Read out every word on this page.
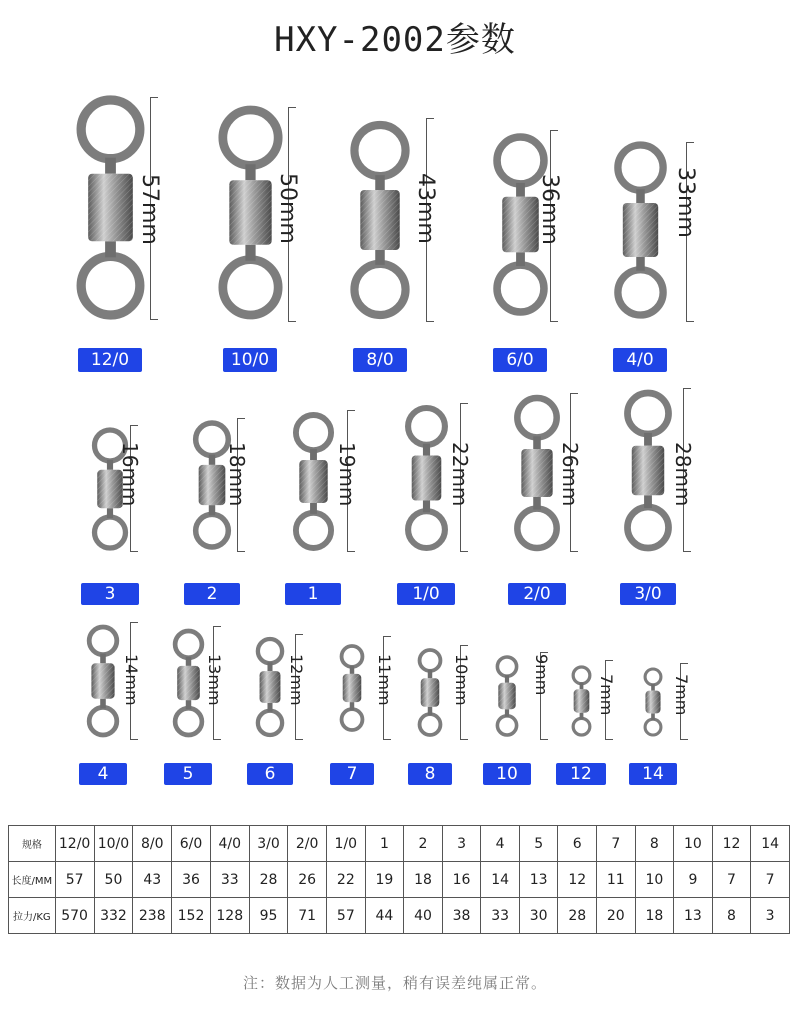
HXY-2002参数
57mm
12/0
50mm
10/0
43mm
8/0
36mm
6/0
33mm
4/0
16mm
3
18mm
2
19mm
1
22mm
1/0
26mm
2/0
28mm
3/0
14mm
4
13mm
5
12mm
6
11mm
7
10mm
8
9mm
10
7mm
12
7mm
14
规格	12/0	10/0	8/0	6/0	4/0	3/0	2/0	1/0	1	2	3	4	5	6	7	8	10	12	14
长度/MM	57	50	43	36	33	28	26	22	19	18	16	14	13	12	11	10	9	7	7
拉力/KG	570	332	238	152	128	95	71	57	44	40	38	33	30	28	20	18	13	8	3
注：数据为人工测量，稍有误差纯属正常。
